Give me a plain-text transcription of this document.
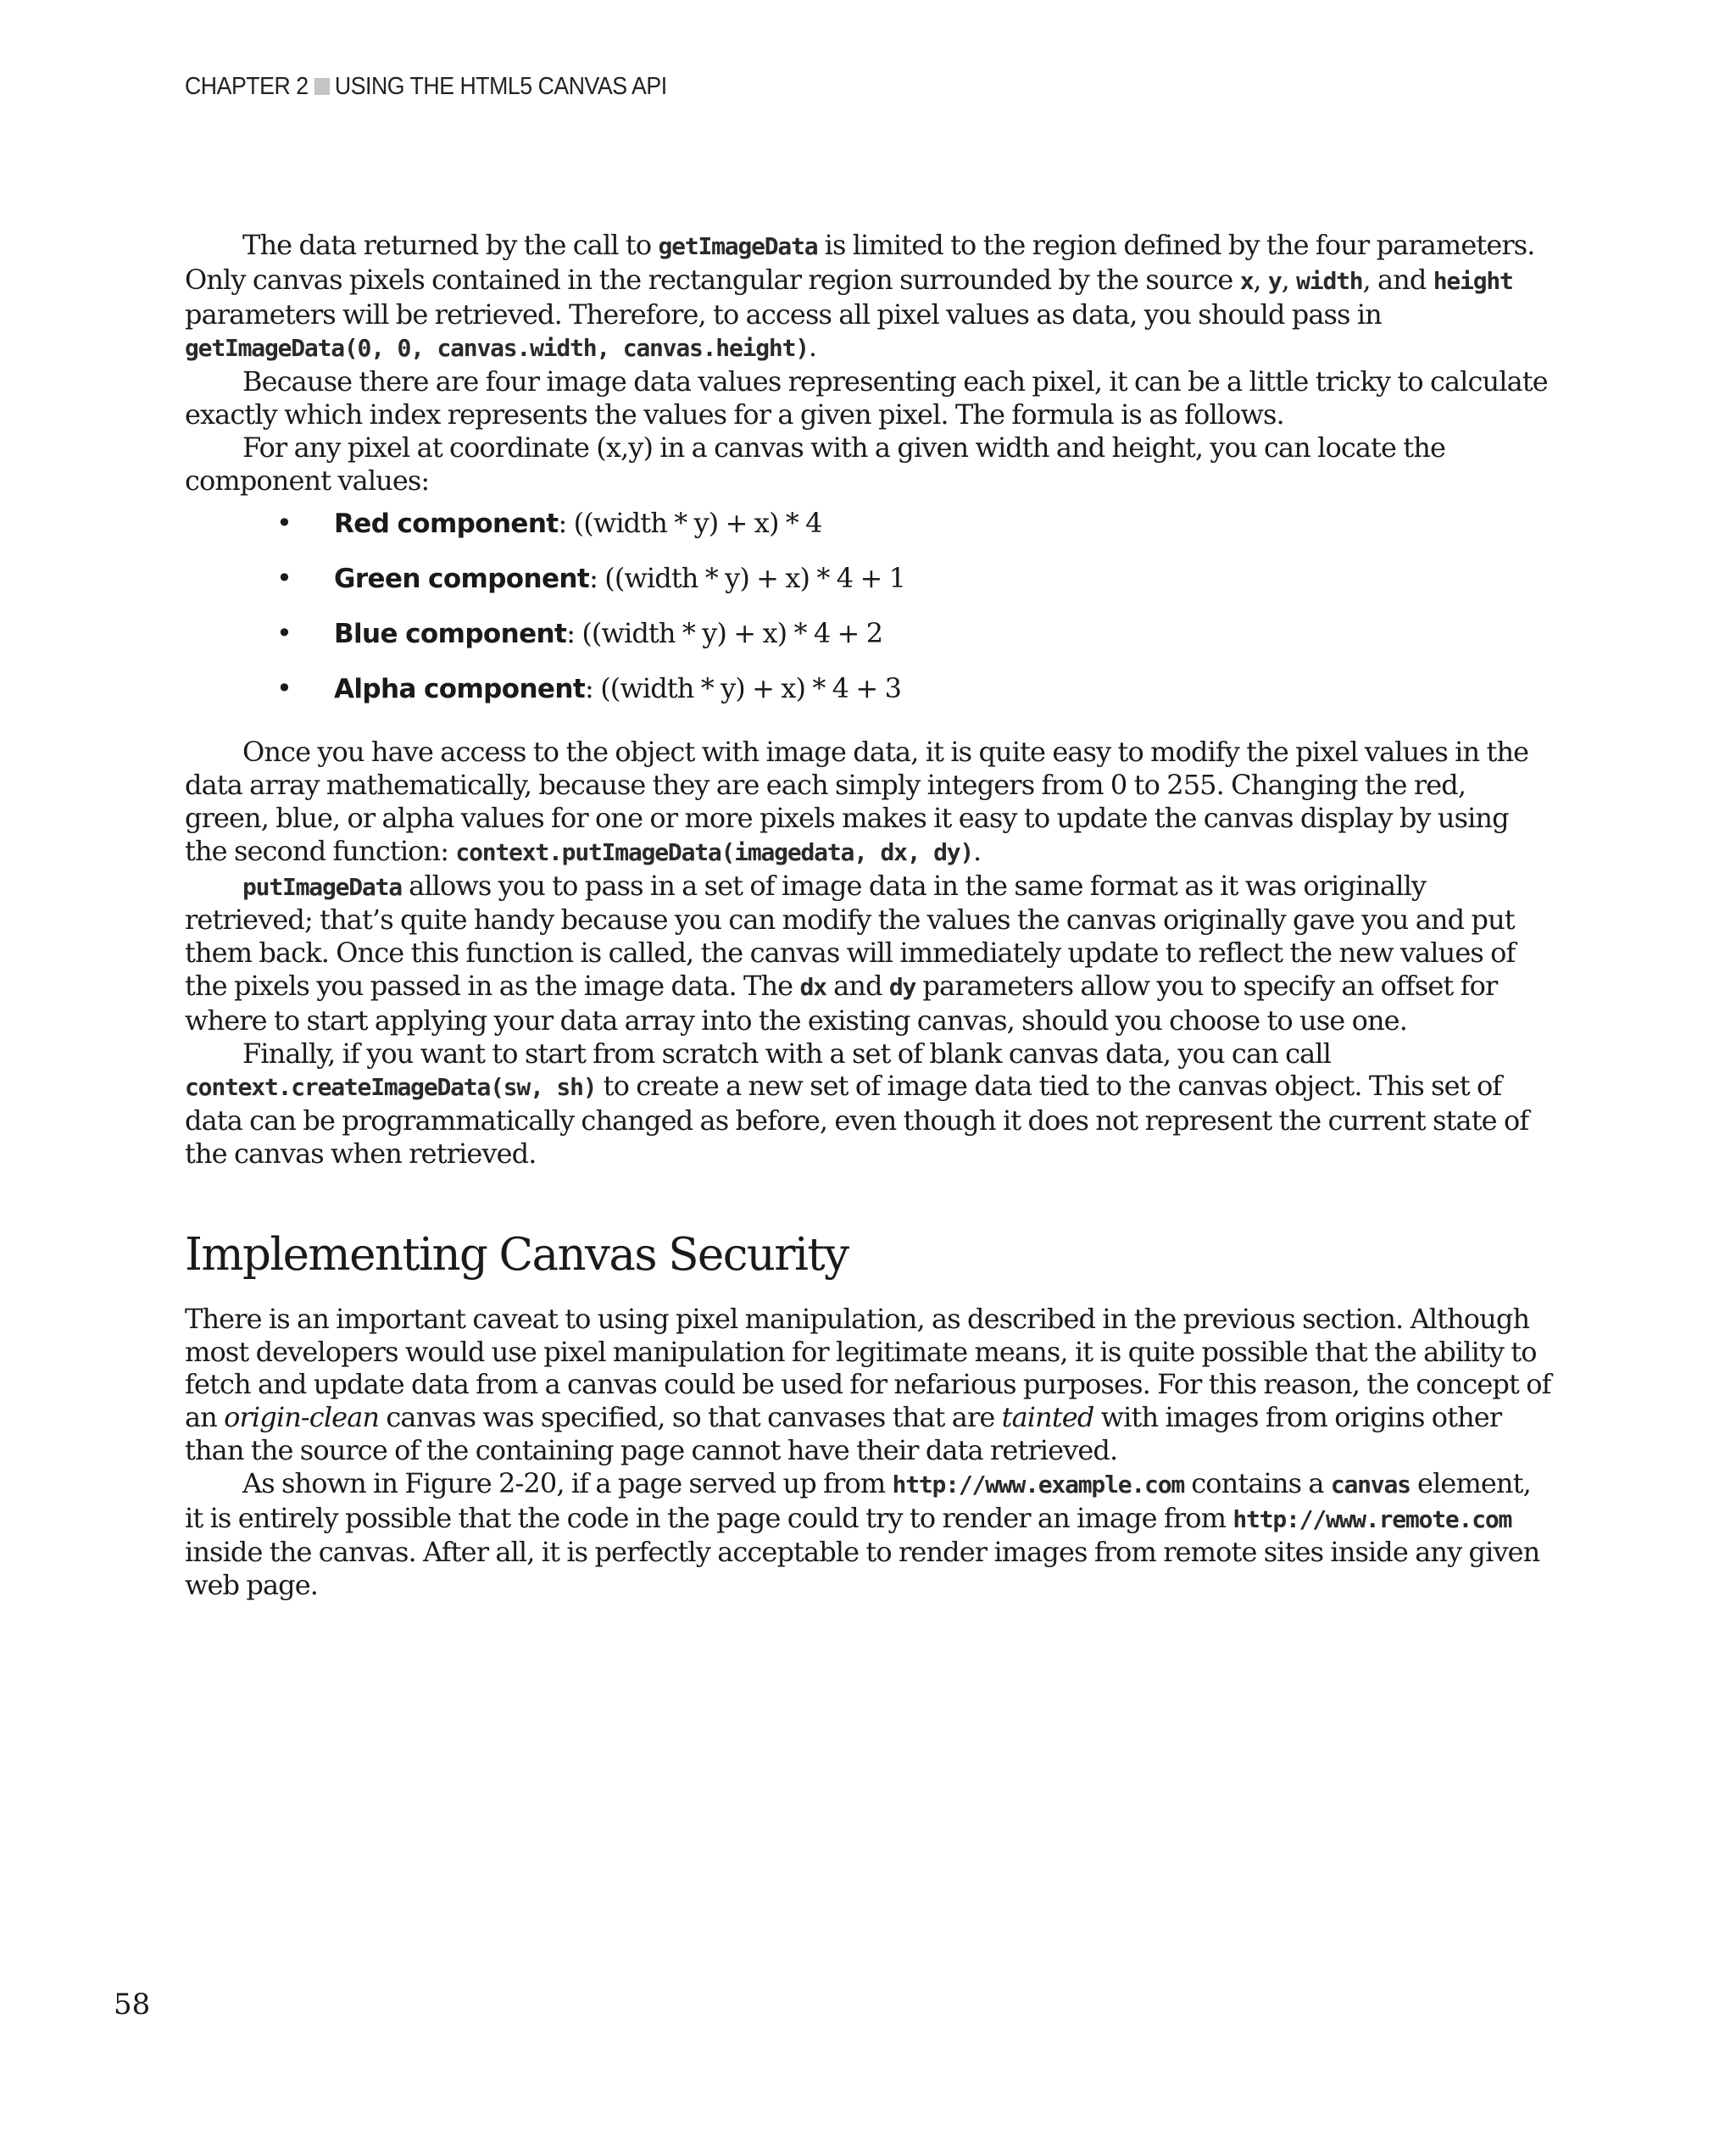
CHAPTER 2 USING THE HTML5 CANVAS API

The data returned by the call to getImageData is limited to the region defined by the four parameters. Only canvas pixels contained in the rectangular region surrounded by the source x, y, width, and height parameters will be retrieved. Therefore, to access all pixel values as data, you should pass in getImageData(0, 0, canvas.width, canvas.height).

Because there are four image data values representing each pixel, it can be a little tricky to calculate exactly which index represents the values for a given pixel. The formula is as follows.

For any pixel at coordinate (x,y) in a canvas with a given width and height, you can locate the component values:

• Red component: ((width * y) + x) * 4
• Green component: ((width * y) + x) * 4 + 1
• Blue component: ((width * y) + x) * 4 + 2
• Alpha component: ((width * y) + x) * 4 + 3

Once you have access to the object with image data, it is quite easy to modify the pixel values in the data array mathematically, because they are each simply integers from 0 to 255. Changing the red, green, blue, or alpha values for one or more pixels makes it easy to update the canvas display by using the second function: context.putImageData(imagedata, dx, dy).

putImageData allows you to pass in a set of image data in the same format as it was originally retrieved; that’s quite handy because you can modify the values the canvas originally gave you and put them back. Once this function is called, the canvas will immediately update to reflect the new values of the pixels you passed in as the image data. The dx and dy parameters allow you to specify an offset for where to start applying your data array into the existing canvas, should you choose to use one.

Finally, if you want to start from scratch with a set of blank canvas data, you can call context.createImageData(sw, sh) to create a new set of image data tied to the canvas object. This set of data can be programmatically changed as before, even though it does not represent the current state of the canvas when retrieved.

Implementing Canvas Security

There is an important caveat to using pixel manipulation, as described in the previous section. Although most developers would use pixel manipulation for legitimate means, it is quite possible that the ability to fetch and update data from a canvas could be used for nefarious purposes. For this reason, the concept of an origin-clean canvas was specified, so that canvases that are tainted with images from origins other than the source of the containing page cannot have their data retrieved.

As shown in Figure 2-20, if a page served up from http://www.example.com contains a canvas element, it is entirely possible that the code in the page could try to render an image from http://www.remote.com inside the canvas. After all, it is perfectly acceptable to render images from remote sites inside any given web page.

58
